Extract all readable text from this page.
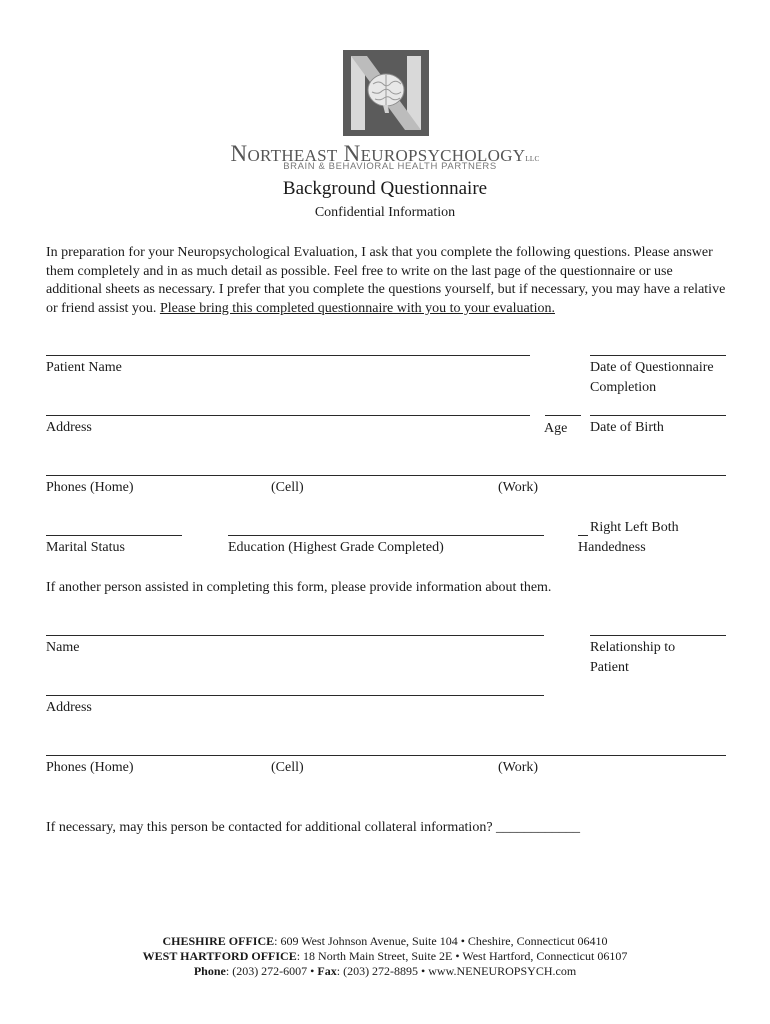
NORTHEAST NEUROPSYCHOLOGYLLC
BRAIN & BEHAVIORAL HEALTH PARTNERS
Background Questionnaire
Confidential Information
In preparation for your Neuropsychological Evaluation, I ask that you complete the following questions. Please answer them completely and in as much detail as possible. Feel free to write on the last page of the questionnaire or use additional sheets as necessary. I prefer that you complete the questions yourself, but if necessary, you may have a relative or friend assist you. Please bring this completed questionnaire with you to your evaluation.
Patient Name	Date of Questionnaire
Completion
Address	Age Date of Birth
Phones (Home)	(Cell)	(Work)
Right Left Both
Marital Status	Education (Highest Grade Completed)	Handedness
If another person assisted in completing this form, please provide information about them.
Name	Relationship to
Patient
Address
Phones (Home)	(Cell)	(Work)
If necessary, may this person be contacted for additional collateral information? ____________
CHESHIRE OFFICE: 609 West Johnson Avenue, Suite 104 • Cheshire, Connecticut 06410
WEST HARTFORD OFFICE: 18 North Main Street, Suite 2E • West Hartford, Connecticut 06107
Phone: (203) 272-6007 • Fax: (203) 272-8895 • www.NENEUROPSYCH.com
